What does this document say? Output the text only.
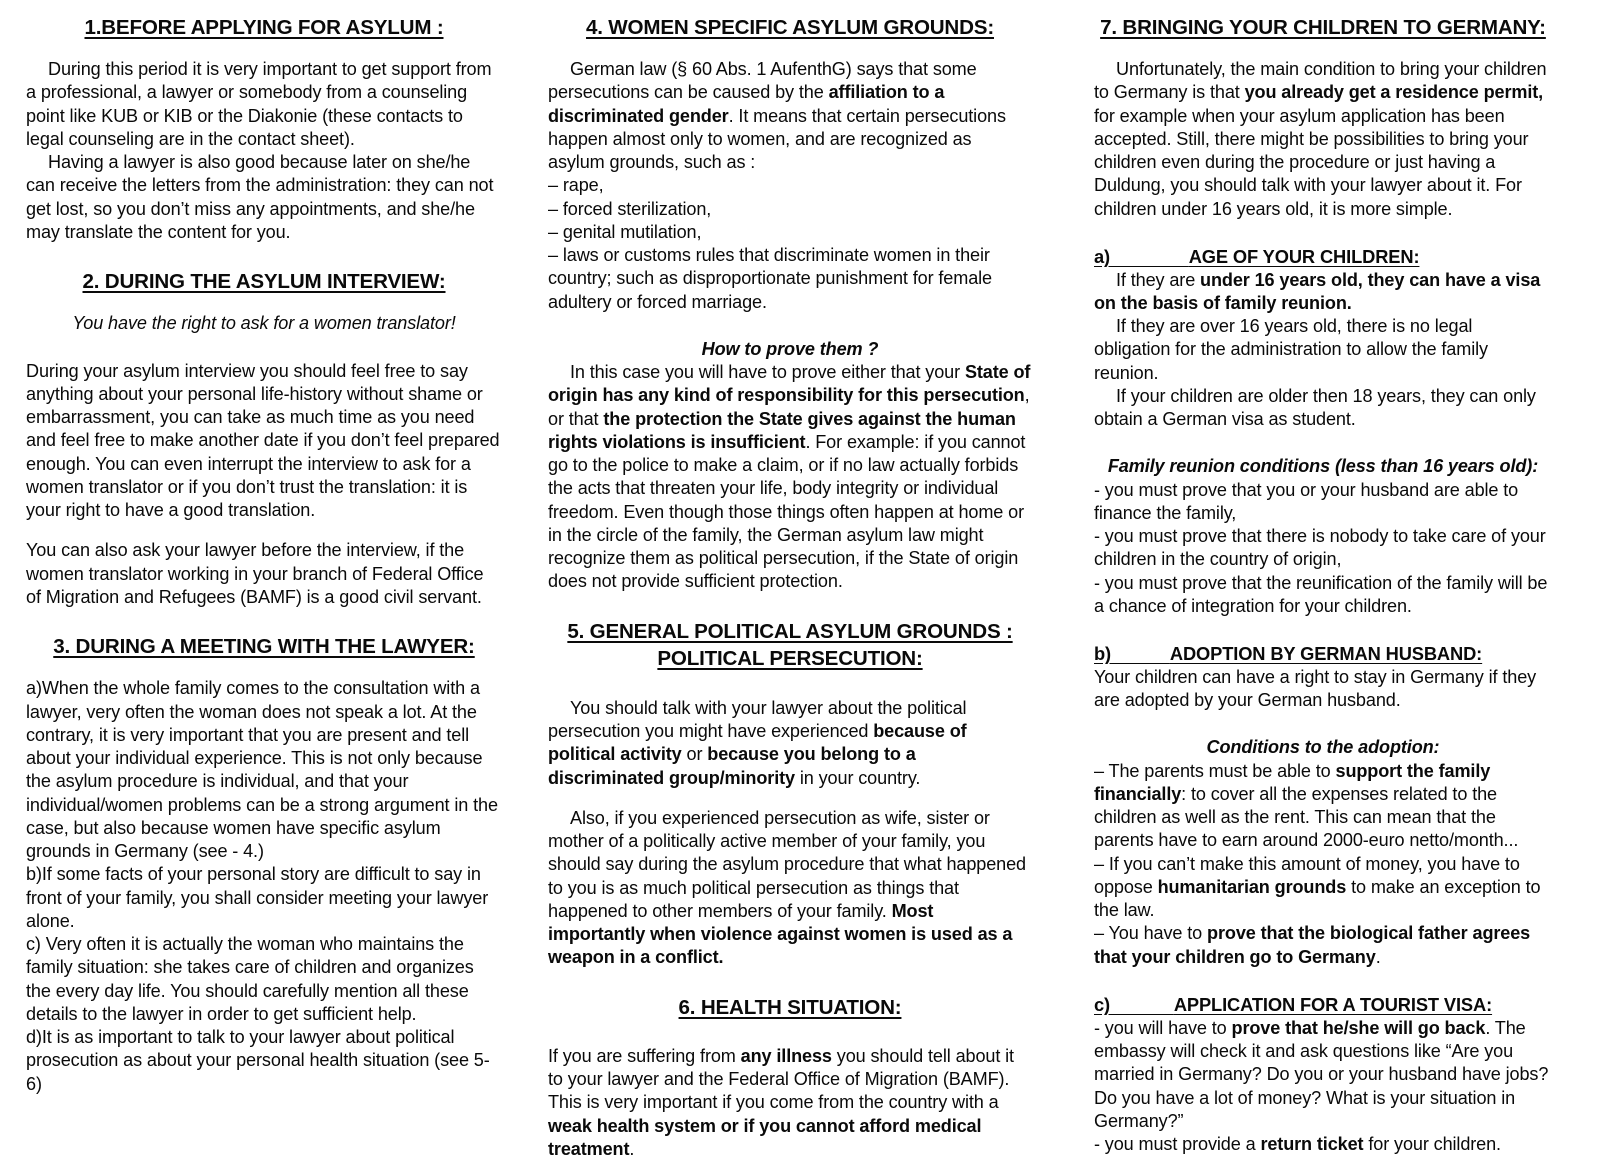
1.BEFORE APPLYING FOR ASYLUM :

During this period it is very important to get support from a professional, a lawyer or somebody from a counseling point like KUB or KIB or the Diakonie (these contacts to legal counseling are in the contact sheet).

Having a lawyer is also good because later on she/he can receive the letters from the administration: they can not get lost, so you don’t miss any appointments, and she/he may translate the content for you.

2. DURING THE ASYLUM INTERVIEW:

You have the right to ask for a women translator!

During your asylum interview you should feel free to say anything about your personal life-history without shame or embarrassment, you can take as much time as you need and feel free to make another date if you don’t feel prepared enough. You can even interrupt the interview to ask for a women translator or if you don’t trust the translation: it is your right to have a good translation.

You can also ask your lawyer before the interview, if the women translator working in your branch of Federal Office of Migration and Refugees (BAMF) is a good civil servant.

3. DURING A MEETING WITH THE LAWYER:

a)When the whole family comes to the consultation with a lawyer, very often the woman does not speak a lot. At the contrary, it is very important that you are present and tell about your individual experience. This is not only because the asylum procedure is individual, and that your individual/women problems can be a strong argument in the case, but also because women have specific asylum grounds in Germany (see - 4.)

b)If some facts of your personal story are difficult to say in front of your family, you shall consider meeting your lawyer alone.

c) Very often it is actually the woman who maintains the family situation: she takes care of children and organizes the every day life. You should carefully mention all these details to the lawyer in order to get sufficient help.

d)It is as important to talk to your lawyer about political prosecution as about your personal health situation (see 5-6)

4. WOMEN SPECIFIC ASYLUM GROUNDS:

German law (§ 60 Abs. 1 AufenthG) says that some persecutions can be caused by the affiliation to a discriminated gender. It means that certain persecutions happen almost only to women, and are recognized as asylum grounds, such as :

– rape,

– forced sterilization,

– genital mutilation,

– laws or customs rules that discriminate women in their country; such as disproportionate punishment for female adultery or forced marriage.

How to prove them ?

In this case you will have to prove either that your State of origin has any kind of responsibility for this persecution, or that the protection the State gives against the human rights violations is insufficient. For example: if you cannot go to the police to make a claim, or if no law actually forbids the acts that threaten your life, body integrity or individual freedom. Even though those things often happen at home or in the circle of the family, the German asylum law might recognize them as political persecution, if the State of origin does not provide sufficient protection.

5. GENERAL POLITICAL ASYLUM GROUNDS :
POLITICAL PERSECUTION:

You should talk with your lawyer about the political persecution you might have experienced because of political activity or because you belong to a discriminated group/minority in your country.

Also, if you experienced persecution as wife, sister or mother of a politically active member of your family, you should say during the asylum procedure that what happened to you is as much political persecution as things that happened to other members of your family. Most importantly when violence against women is used as a weapon in a conflict.

6. HEALTH SITUATION:

If you are suffering from any illness you should tell about it to your lawyer and the Federal Office of Migration (BAMF). This is very important if you come from the country with a weak health system or if you cannot afford medical treatment.

7. BRINGING YOUR CHILDREN TO GERMANY:

Unfortunately, the main condition to bring your children to Germany is that you already get a residence permit, for example when your asylum application has been accepted. Still, there might be possibilities to bring your children even during the procedure or just having a Duldung, you should talk with your lawyer about it. For children under 16 years old, it is more simple.

a)	AGE OF YOUR CHILDREN:

If they are under 16 years old, they can have a visa on the basis of family reunion.

If they are over 16 years old, there is no legal obligation for the administration to allow the family reunion.

If your children are older then 18 years, they can only obtain a German visa as student.

Family reunion conditions (less than 16 years old):

- you must prove that you or your husband are able to finance the family,

- you must prove that there is nobody to take care of your children in the country of origin,

- you must prove that the reunification of the family will be a chance of integration for your children.

b)	ADOPTION BY GERMAN HUSBAND:

Your children can have a right to stay in Germany if they are adopted by your German husband.

Conditions to the adoption:

– The parents must be able to support the family financially: to cover all the expenses related to the children as well as the rent. This can mean that the parents have to earn around 2000-euro netto/month...

– If you can’t make this amount of money, you have to oppose humanitarian grounds to make an exception to the law.

– You have to prove that the biological father agrees that your children go to Germany.

c)	APPLICATION FOR A TOURIST VISA:

- you will have to prove that he/she will go back. The embassy will check it and ask questions like “Are you married in Germany? Do you or your husband have jobs? Do you have a lot of money? What is your situation in Germany?”

- you must provide a return ticket for your children.
